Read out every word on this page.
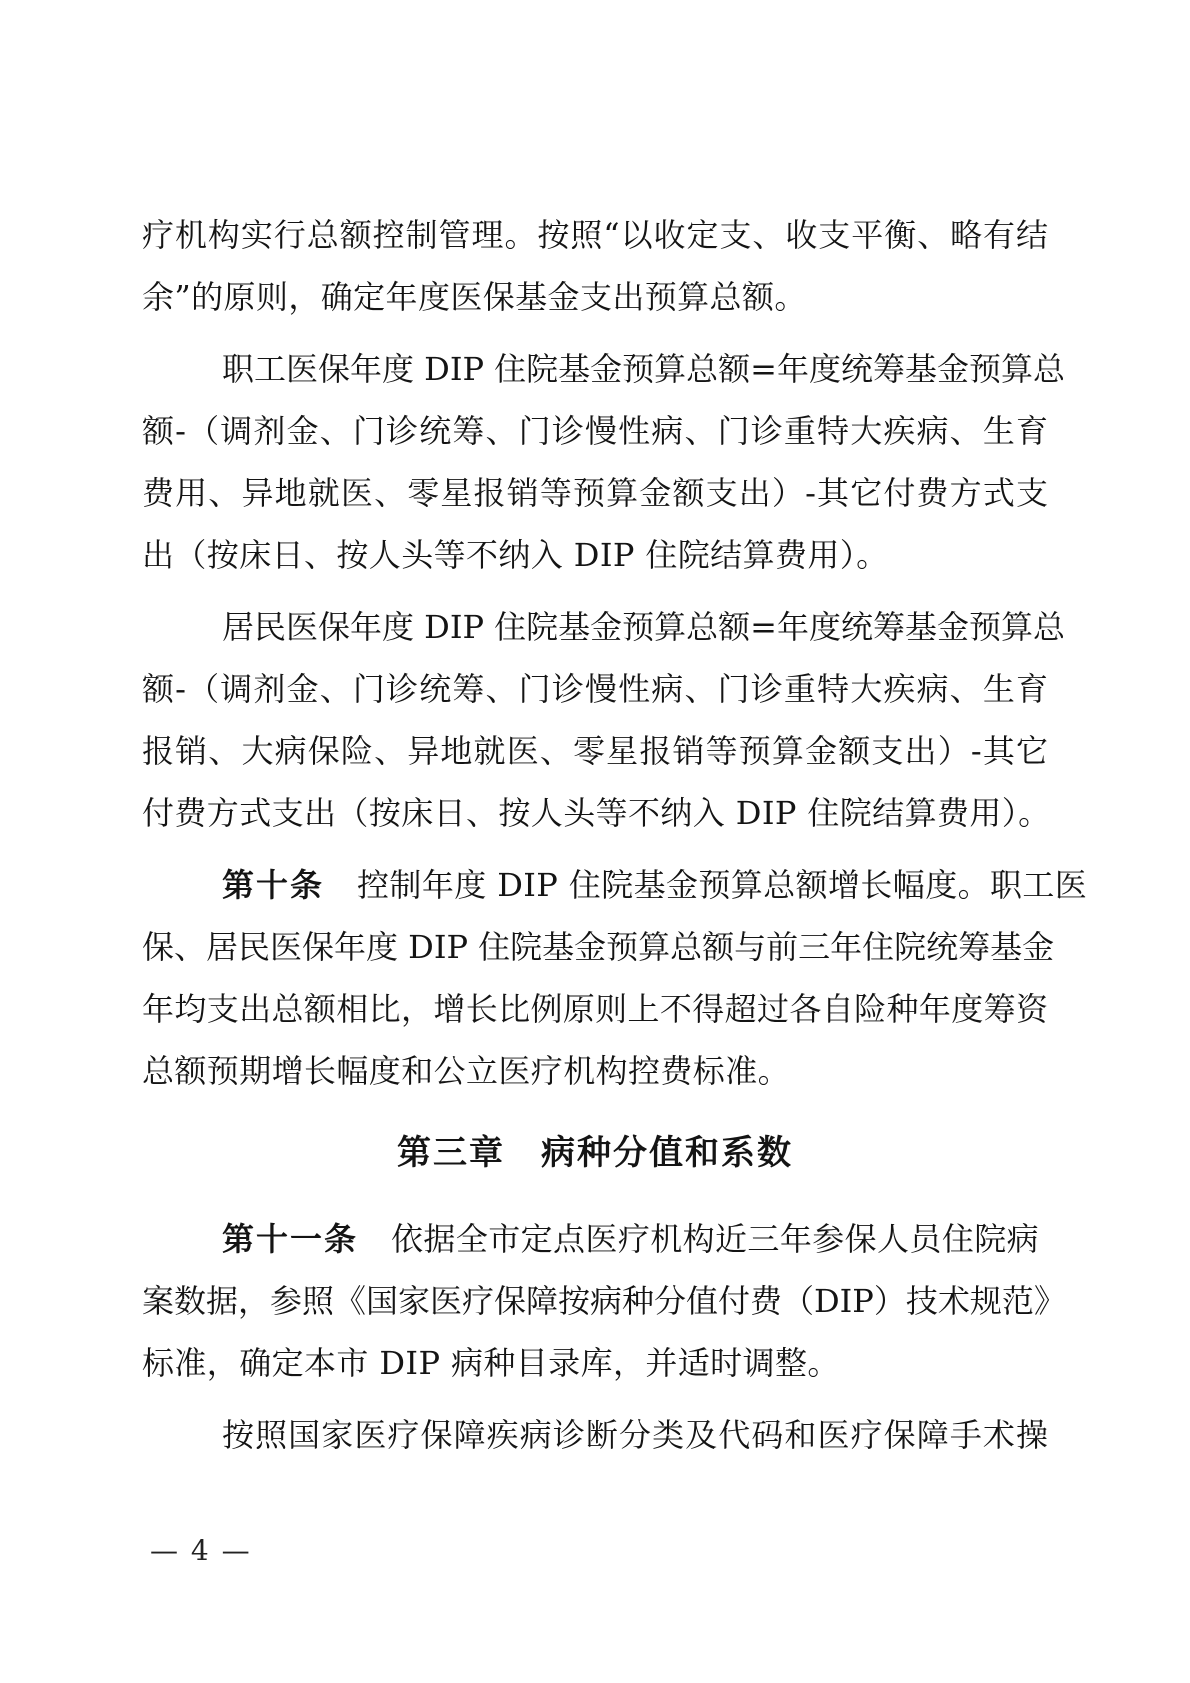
疗机构实行总额控制管理。按照“以收定支、收支平衡、略有结
余”的原则，确定年度医保基金支出预算总额。

职工医保年度 DIP 住院基金预算总额=年度统筹基金预算总
额-（调剂金、门诊统筹、门诊慢性病、门诊重特大疾病、生育
费用、异地就医、零星报销等预算金额支出）-其它付费方式支
出（按床日、按人头等不纳入 DIP 住院结算费用）。

居民医保年度 DIP 住院基金预算总额=年度统筹基金预算总
额-（调剂金、门诊统筹、门诊慢性病、门诊重特大疾病、生育
报销、大病保险、异地就医、零星报销等预算金额支出）-其它
付费方式支出（按床日、按人头等不纳入 DIP 住院结算费用）。

第十条 控制年度 DIP 住院基金预算总额增长幅度。职工医
保、居民医保年度 DIP 住院基金预算总额与前三年住院统筹基金
年均支出总额相比，增长比例原则上不得超过各自险种年度筹资
总额预期增长幅度和公立医疗机构控费标准。

第三章　病种分值和系数

第十一条 依据全市定点医疗机构近三年参保人员住院病
案数据，参照《国家医疗保障按病种分值付费（DIP）技术规范》
标准，确定本市 DIP 病种目录库，并适时调整。

按照国家医疗保障疾病诊断分类及代码和医疗保障手术操

— 4 —
